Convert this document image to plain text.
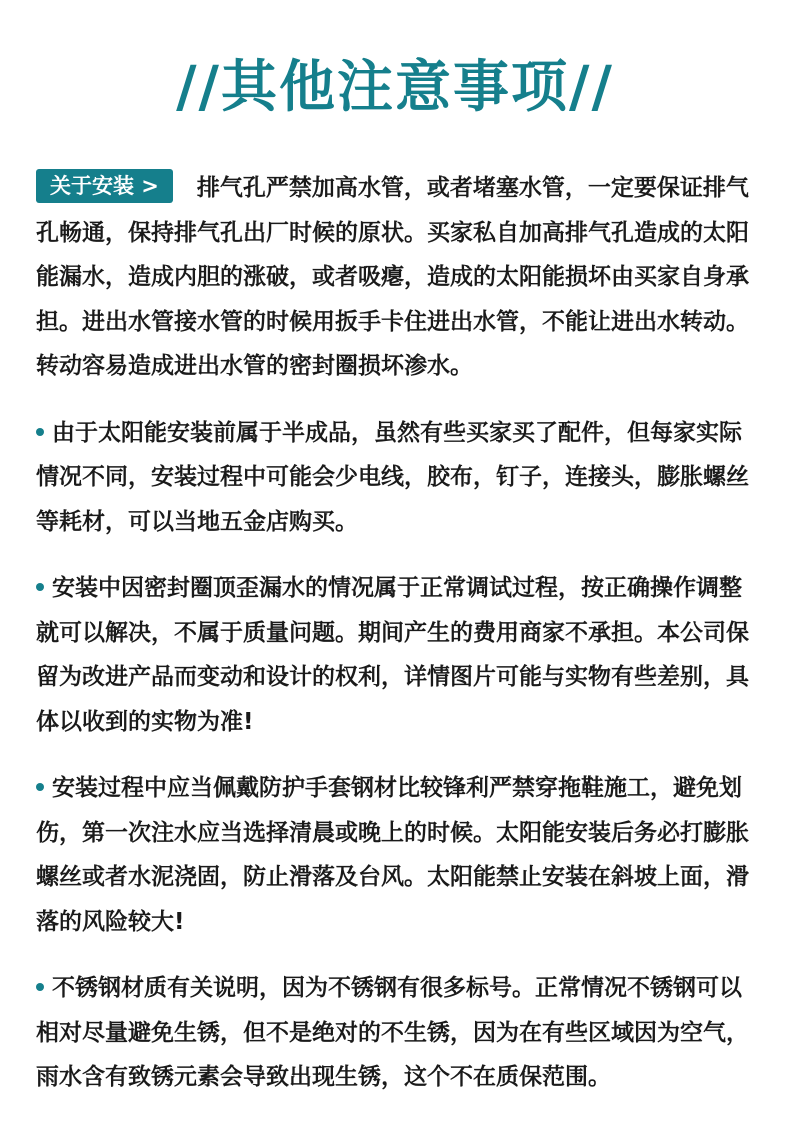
//其他注意事项//

关于安装 > 排气孔严禁加高水管，或者堵塞水管，一定要保证排气孔畅通，保持排气孔出厂时候的原状。买家私自加高排气孔造成的太阳能漏水，造成内胆的涨破，或者吸瘪，造成的太阳能损坏由买家自身承担。进出水管接水管的时候用扳手卡住进出水管，不能让进出水转动。转动容易造成进出水管的密封圈损坏渗水。

由于太阳能安装前属于半成品，虽然有些买家买了配件，但每家实际情况不同，安装过程中可能会少电线，胶布，钉子，连接头，膨胀螺丝等耗材，可以当地五金店购买。

安装中因密封圈顶歪漏水的情况属于正常调试过程，按正确操作调整就可以解决，不属于质量问题。期间产生的费用商家不承担。本公司保留为改进产品而变动和设计的权利，详情图片可能与实物有些差别，具体以收到的实物为准!

安装过程中应当佩戴防护手套钢材比较锋利严禁穿拖鞋施工，避免划伤，第一次注水应当选择清晨或晚上的时候。太阳能安装后务必打膨胀螺丝或者水泥浇固，防止滑落及台风。太阳能禁止安装在斜坡上面，滑落的风险较大!

不锈钢材质有关说明，因为不锈钢有很多标号。正常情况不锈钢可以相对尽量避免生锈，但不是绝对的不生锈，因为在有些区域因为空气，雨水含有致锈元素会导致出现生锈，这个不在质保范围。
